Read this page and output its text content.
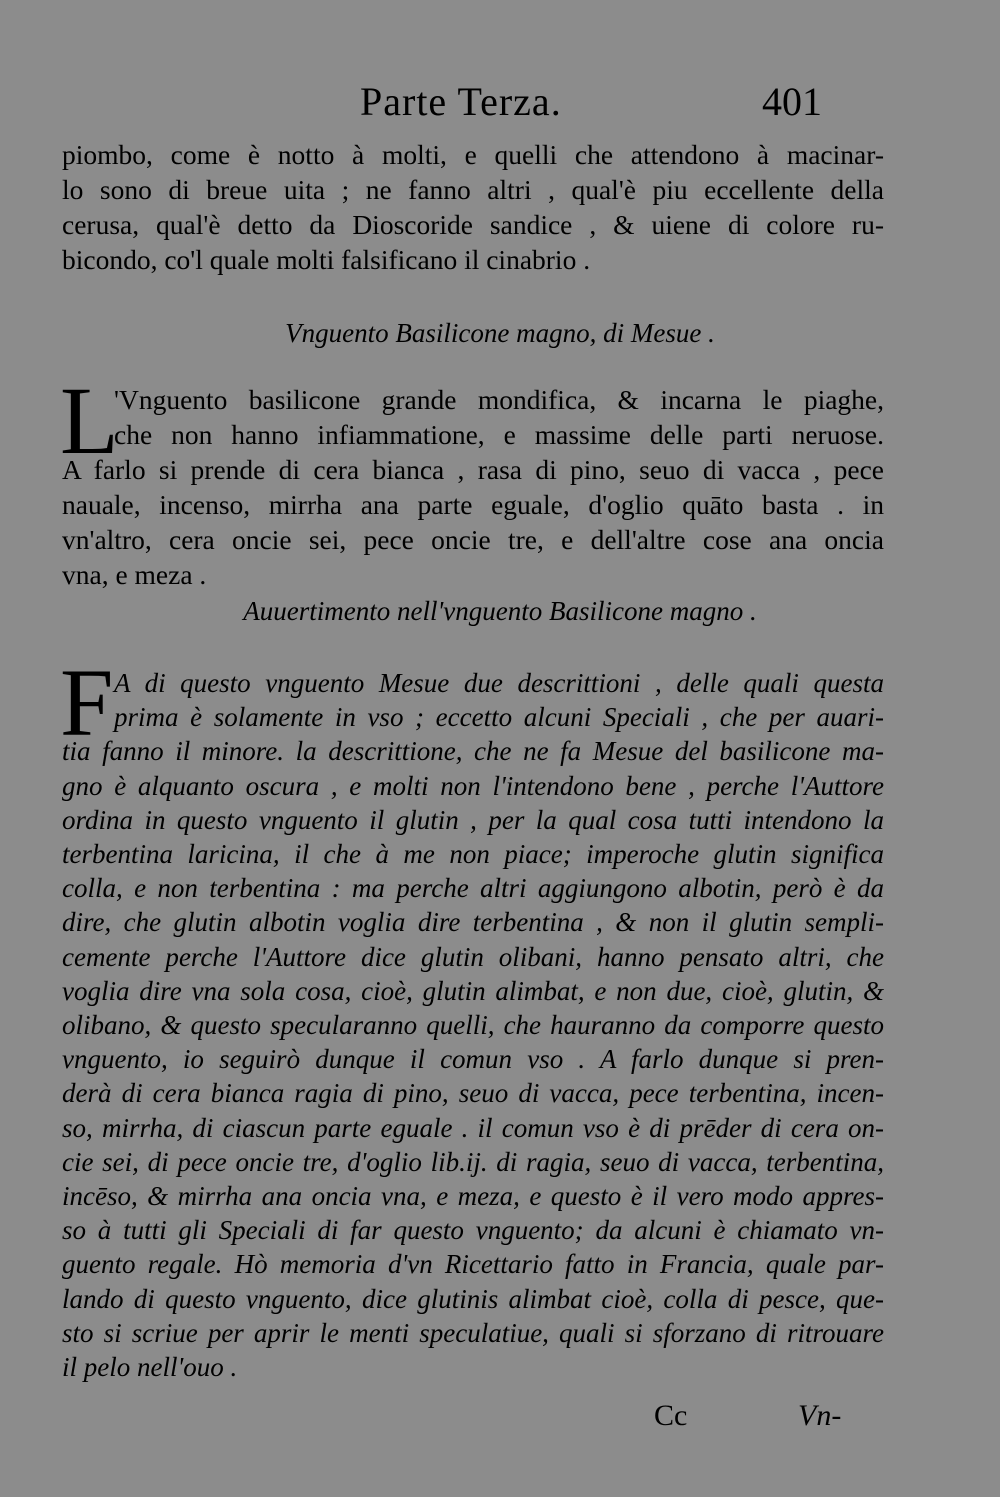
Parte Terza.	401
piombo, come è notto à molti, e quelli che attendono à macinar-
lo sono di breue uita ; ne fanno altri , qual'è piu eccellente della
cerusa, qual'è detto da Dioscoride sandice , & uiene di colore ru-
bicondo, co'l quale molti falsificano il cinabrio .
Vnguento Basilicone magno, di Mesue .
L
'Vnguento basilicone grande mondifica, & incarna le piaghe,
che non hanno infiammatione, e massime delle parti neruose.
A farlo si prende di cera bianca , rasa di pino, seuo di vacca , pece
nauale, incenso, mirrha ana parte eguale, d'oglio quāto basta . in
vn'altro, cera oncie sei, pece oncie tre, e dell'altre cose ana oncia
vna, e meza .
Auuertimento nell'vnguento Basilicone magno .
F A di questo vnguento Mesue due descrittioni , delle quali questa
prima è solamente in vso ; eccetto alcuni Speciali , che per auari-
tia fanno il minore. la descrittione, che ne fa Mesue del basilicone ma-
gno è alquanto oscura , e molti non l'intendono bene , perche l'Auttore
ordina in questo vnguento il glutin , per la qual cosa tutti intendono la
terbentina laricina, il che à me non piace; imperoche glutin significa
colla, e non terbentina : ma perche altri aggiungono albotin, però è da
dire, che glutin albotin voglia dire terbentina , & non il glutin sempli-
cemente perche l'Auttore dice glutin olibani, hanno pensato altri, che
voglia dire vna sola cosa, cioè, glutin alimbat, e non due, cioè, glutin, &
olibano, & questo specularanno quelli, che hauranno da comporre questo
vnguento, io seguirò dunque il comun vso . A farlo dunque si pren-
derà di cera bianca ragia di pino, seuo di vacca, pece terbentina, incen-
so, mirrha, di ciascun parte eguale . il comun vso è di prēder di cera on-
cie sei, di pece oncie tre, d'oglio lib.ij. di ragia, seuo di vacca, terbentina,
incēso, & mirrha ana oncia vna, e meza, e questo è il vero modo appres-
so à tutti gli Speciali di far questo vnguento; da alcuni è chiamato vn-
guento regale. Hò memoria d'vn Ricettario fatto in Francia, quale par-
lando di questo vnguento, dice glutinis alimbat cioè, colla di pesce, que-
sto si scriue per aprir le menti speculatiue, quali si sforzano di ritrouare
il pelo nell'ouo .
Cc	Vn-
